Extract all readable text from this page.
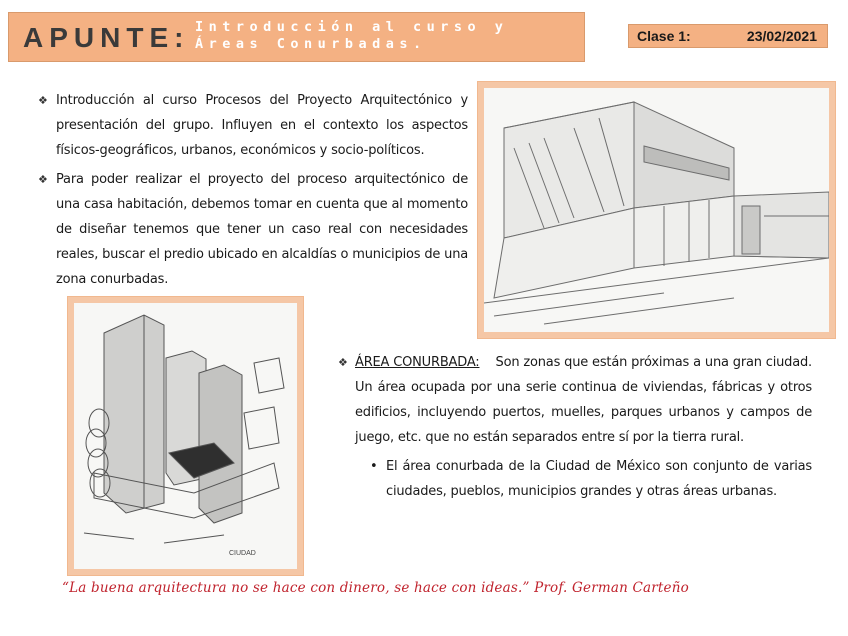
APUNTE: Introducción al curso y Áreas Conurbadas.	Clase 1:	23/02/2021
❖ Introducción al curso Procesos del Proyecto Arquitectónico y presentación del grupo. Influyen en el contexto los aspectos físicos-geográficos, urbanos, económicos y socio-políticos.
❖ Para poder realizar el proyecto del proceso arquitectónico de una casa habitación, debemos tomar en cuenta que al momento de diseñar tenemos que tener un caso real con necesidades reales, buscar el predio ubicado en alcaldías o municipios de una zona conurbadas.
CIUDAD
❖ ÁREA CONURBADA: Son zonas que están próximas a una gran ciudad. Un área ocupada por una serie continua de viviendas, fábricas y otros edificios, incluyendo puertos, muelles, parques urbanos y campos de juego, etc. que no están separados entre sí por la tierra rural.
• El área conurbada de la Ciudad de México son conjunto de varias ciudades, pueblos, municipios grandes y otras áreas urbanas.
“La buena arquitectura no se hace con dinero, se hace con ideas.” Prof. German Carteño
